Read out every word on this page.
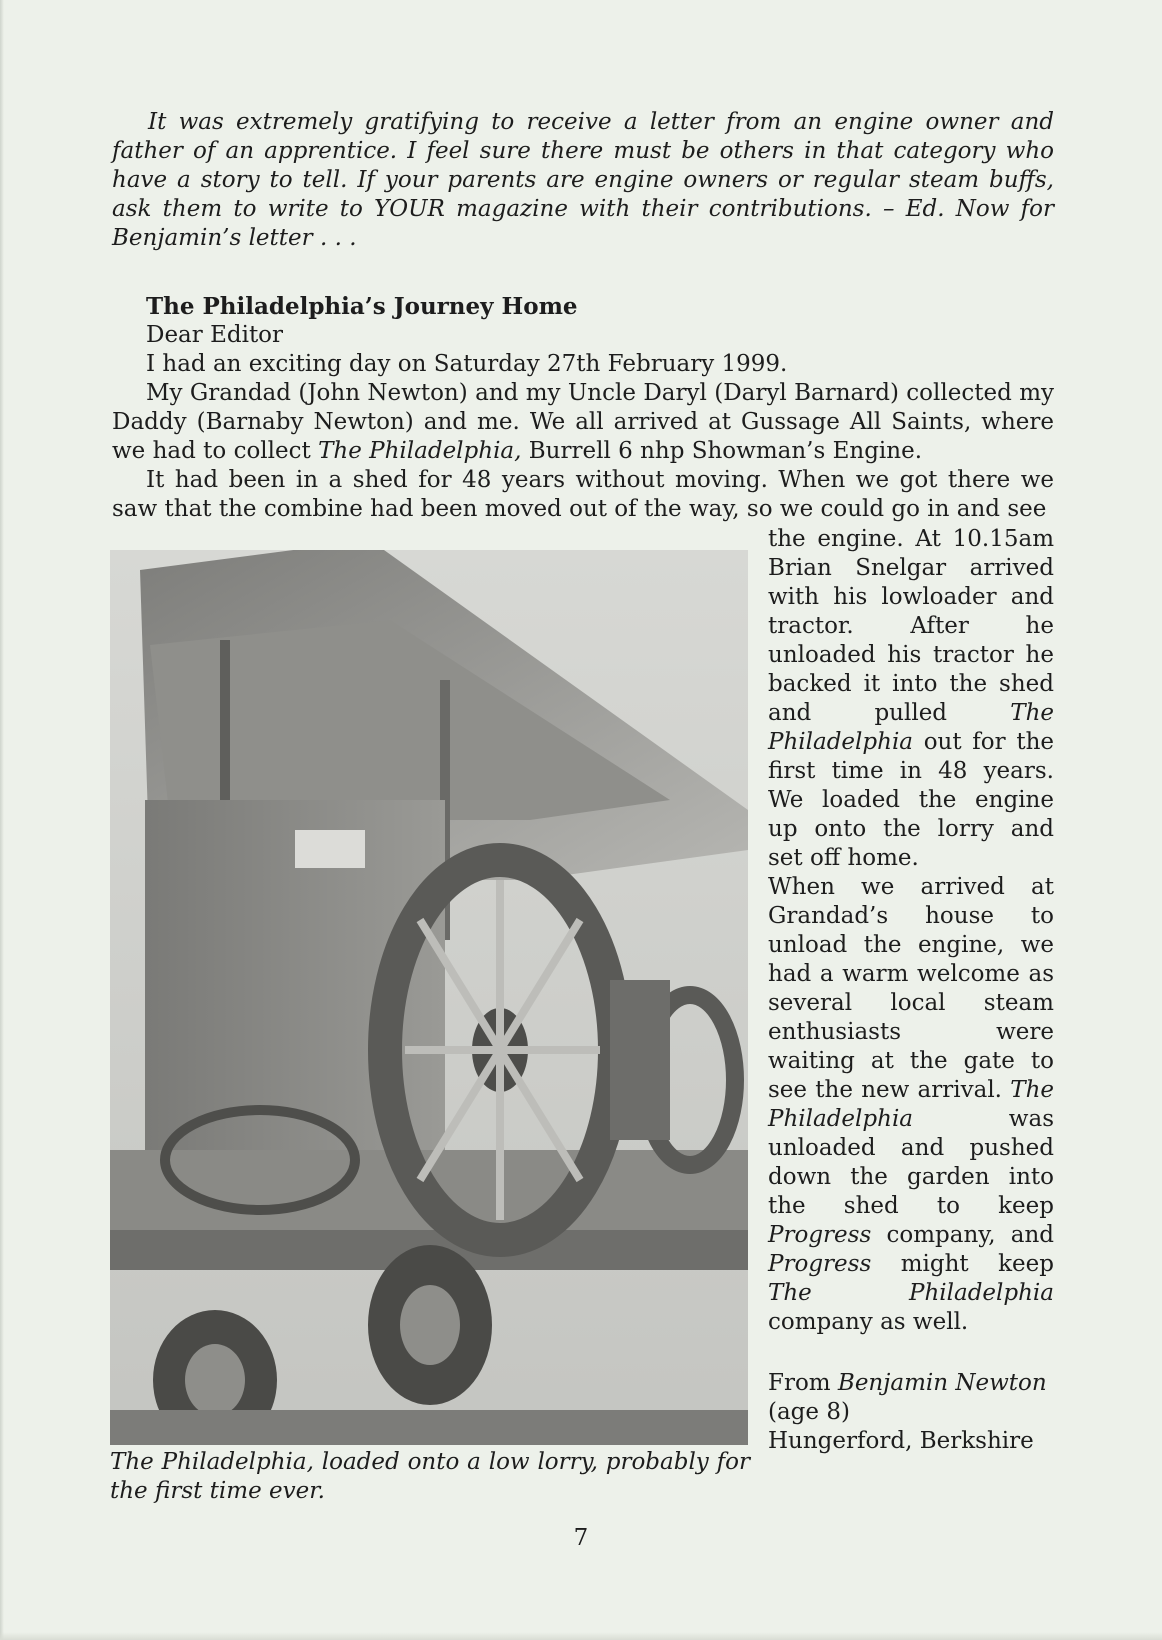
It was extremely gratifying to receive a letter from an engine owner and father of an apprentice. I feel sure there must be others in that category who have a story to tell. If your parents are engine owners or regular steam buffs, ask them to write to YOUR magazine with their contributions. – Ed. Now for Benjamin’s letter . . .
The Philadelphia’s Journey Home

Dear Editor

I had an exciting day on Saturday 27th February 1999.

My Grandad (John Newton) and my Uncle Daryl (Daryl Barnard) collected my Daddy (Barnaby Newton) and me. We all arrived at Gussage All Saints, where we had to collect The Philadelphia, Burrell 6 nhp Showman’s Engine.

It had been in a shed for 48 years without moving. When we got there we saw that the combine had been moved out of the way, so we could go in and see

The Philadelphia, loaded onto a low lorry, probably for the first time ever.

the engine. At 10.15am Brian Snelgar arrived with his lowloader and tractor. After he unloaded his tractor he backed it into the shed and pulled The Philadelphia out for the first time in 48 years. We loaded the engine up onto the lorry and set off home.

When we arrived at Grandad’s house to unload the engine, we had a warm welcome as several local steam enthusiasts were waiting at the gate to see the new arrival. The Philadelphia was unloaded and pushed down the garden into the shed to keep Progress company, and Progress might keep The Philadelphia company as well.

From Benjamin Newton
(age 8)
Hungerford, Berkshire
7
